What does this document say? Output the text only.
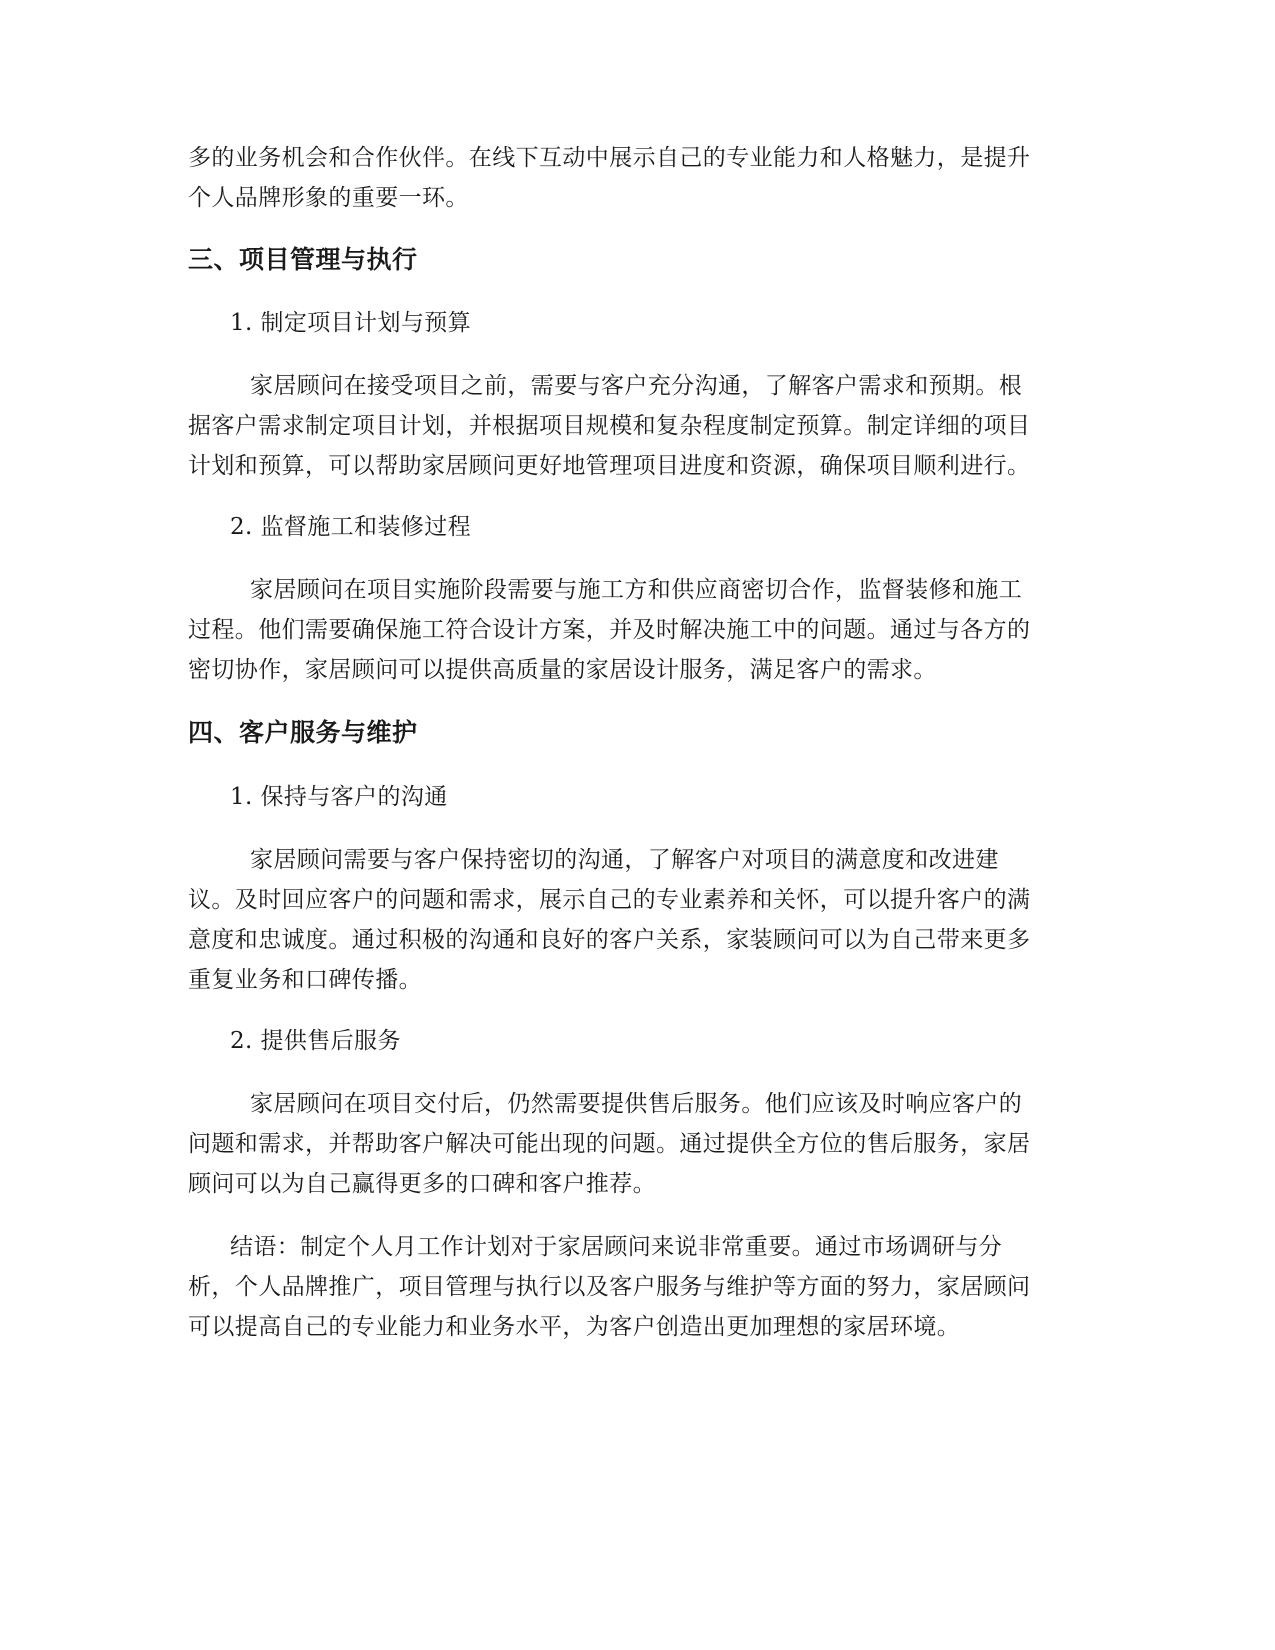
多的业务机会和合作伙伴。在线下互动中展示自己的专业能力和人格魅力，是提升
个人品牌形象的重要一环。
三、项目管理与执行
1. 制定项目计划与预算
家居顾问在接受项目之前，需要与客户充分沟通，了解客户需求和预期。根
据客户需求制定项目计划，并根据项目规模和复杂程度制定预算。制定详细的项目
计划和预算，可以帮助家居顾问更好地管理项目进度和资源，确保项目顺利进行。
2. 监督施工和装修过程
家居顾问在项目实施阶段需要与施工方和供应商密切合作，监督装修和施工
过程。他们需要确保施工符合设计方案，并及时解决施工中的问题。通过与各方的
密切协作，家居顾问可以提供高质量的家居设计服务，满足客户的需求。
四、客户服务与维护
1. 保持与客户的沟通
家居顾问需要与客户保持密切的沟通，了解客户对项目的满意度和改进建
议。及时回应客户的问题和需求，展示自己的专业素养和关怀，可以提升客户的满
意度和忠诚度。通过积极的沟通和良好的客户关系，家装顾问可以为自己带来更多
重复业务和口碑传播。
2. 提供售后服务
家居顾问在项目交付后，仍然需要提供售后服务。他们应该及时响应客户的
问题和需求，并帮助客户解决可能出现的问题。通过提供全方位的售后服务，家居
顾问可以为自己赢得更多的口碑和客户推荐。
结语：制定个人月工作计划对于家居顾问来说非常重要。通过市场调研与分
析，个人品牌推广，项目管理与执行以及客户服务与维护等方面的努力，家居顾问
可以提高自己的专业能力和业务水平，为客户创造出更加理想的家居环境。
